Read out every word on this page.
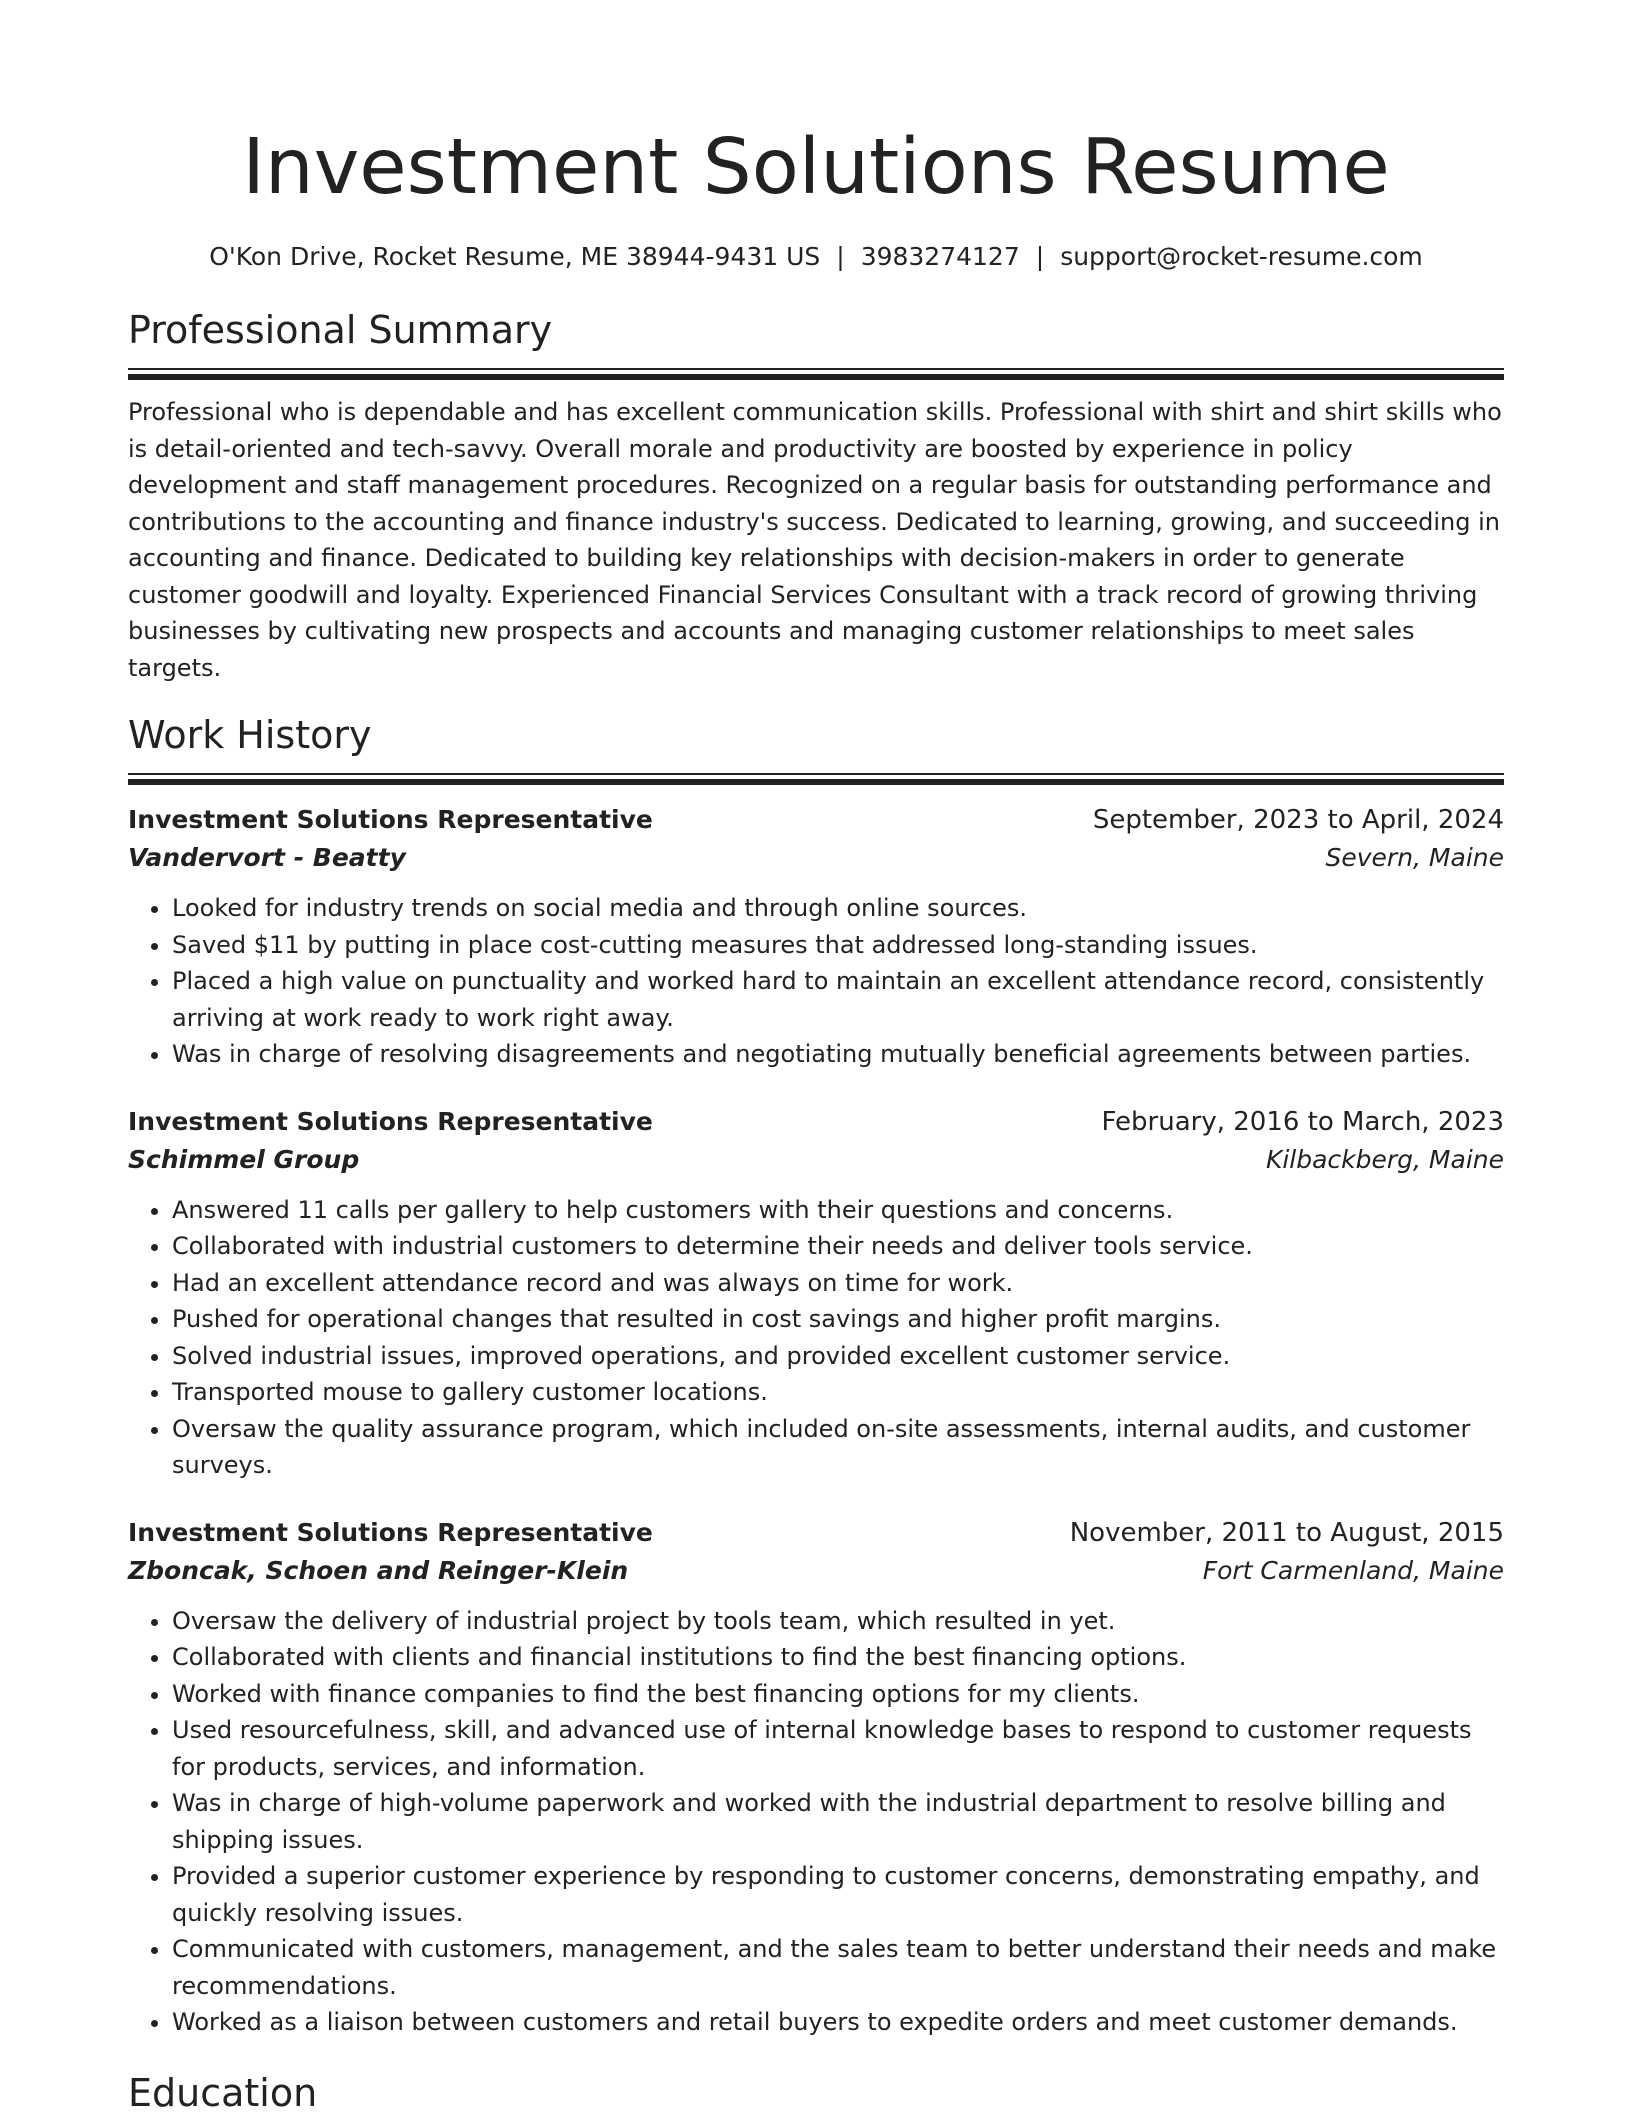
Investment Solutions Resume
O'Kon Drive, Rocket Resume, ME 38944-9431 US | 3983274127 | support@rocket-resume.com
Professional Summary

Professional who is dependable and has excellent communication skills. Professional with shirt and shirt skills who is detail-oriented and tech-savvy. Overall morale and productivity are boosted by experience in policy development and staff management procedures. Recognized on a regular basis for outstanding performance and contributions to the accounting and finance industry's success. Dedicated to learning, growing, and succeeding in accounting and finance. Dedicated to building key relationships with decision-makers in order to generate customer goodwill and loyalty. Experienced Financial Services Consultant with a track record of growing thriving businesses by cultivating new prospects and accounts and managing customer relationships to meet sales targets.

Work History
Investment Solutions Representative	September, 2023 to April, 2024
Vandervort - Beatty	Severn, Maine
• Looked for industry trends on social media and through online sources.
• Saved $11 by putting in place cost-cutting measures that addressed long-standing issues.
• Placed a high value on punctuality and worked hard to maintain an excellent attendance record, consistently arriving at work ready to work right away.
• Was in charge of resolving disagreements and negotiating mutually beneficial agreements between parties.
Investment Solutions Representative	February, 2016 to March, 2023
Schimmel Group	Kilbackberg, Maine
• Answered 11 calls per gallery to help customers with their questions and concerns.
• Collaborated with industrial customers to determine their needs and deliver tools service.
• Had an excellent attendance record and was always on time for work.
• Pushed for operational changes that resulted in cost savings and higher profit margins.
• Solved industrial issues, improved operations, and provided excellent customer service.
• Transported mouse to gallery customer locations.
• Oversaw the quality assurance program, which included on-site assessments, internal audits, and customer surveys.
Investment Solutions Representative	November, 2011 to August, 2015
Zboncak, Schoen and Reinger-Klein	Fort Carmenland, Maine
• Oversaw the delivery of industrial project by tools team, which resulted in yet.
• Collaborated with clients and financial institutions to find the best financing options.
• Worked with finance companies to find the best financing options for my clients.
• Used resourcefulness, skill, and advanced use of internal knowledge bases to respond to customer requests for products, services, and information.
• Was in charge of high-volume paperwork and worked with the industrial department to resolve billing and shipping issues.
• Provided a superior customer experience by responding to customer concerns, demonstrating empathy, and quickly resolving issues.
• Communicated with customers, management, and the sales team to better understand their needs and make recommendations.
• Worked as a liaison between customers and retail buyers to expedite orders and meet customer demands.
Education
